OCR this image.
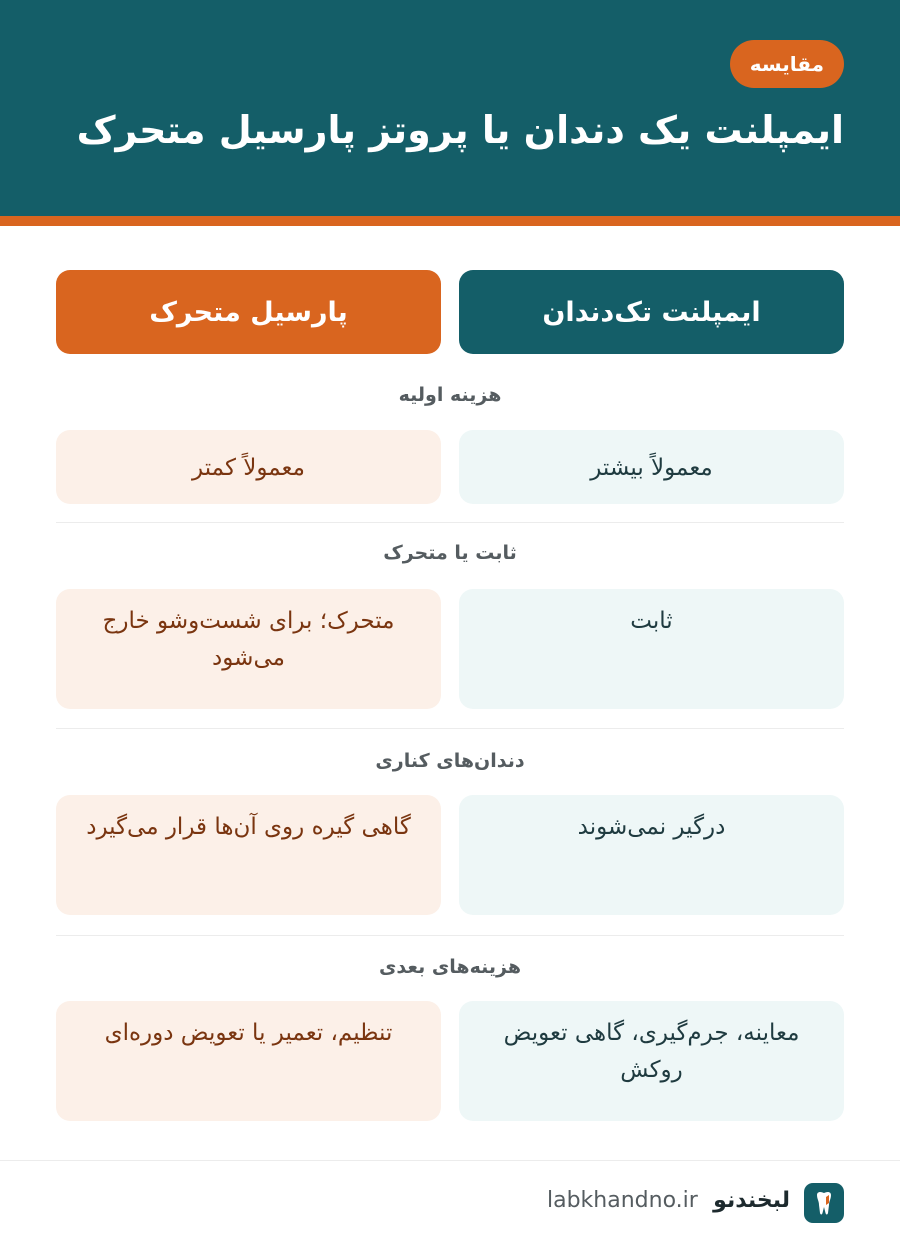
مقایسه
ایمپلنت یک دندان یا پروتز پارسیل متحرک
ایمپلنت تک‌دندان
پارسیل متحرک
هزینه اولیه
معمولاً بیشتر
معمولاً کمتر
ثابت یا متحرک
ثابت
متحرک؛ برای شست‌وشو خارج می‌شود
دندان‌های کناری
درگیر نمی‌شوند
گاهی گیره روی آن‌ها قرار می‌گیرد
هزینه‌های بعدی
معاینه، جرم‌گیری، گاهی تعویض روکش
تنظیم، تعمیر یا تعویض دوره‌ای
لبخندنو
labkhandno.ir
